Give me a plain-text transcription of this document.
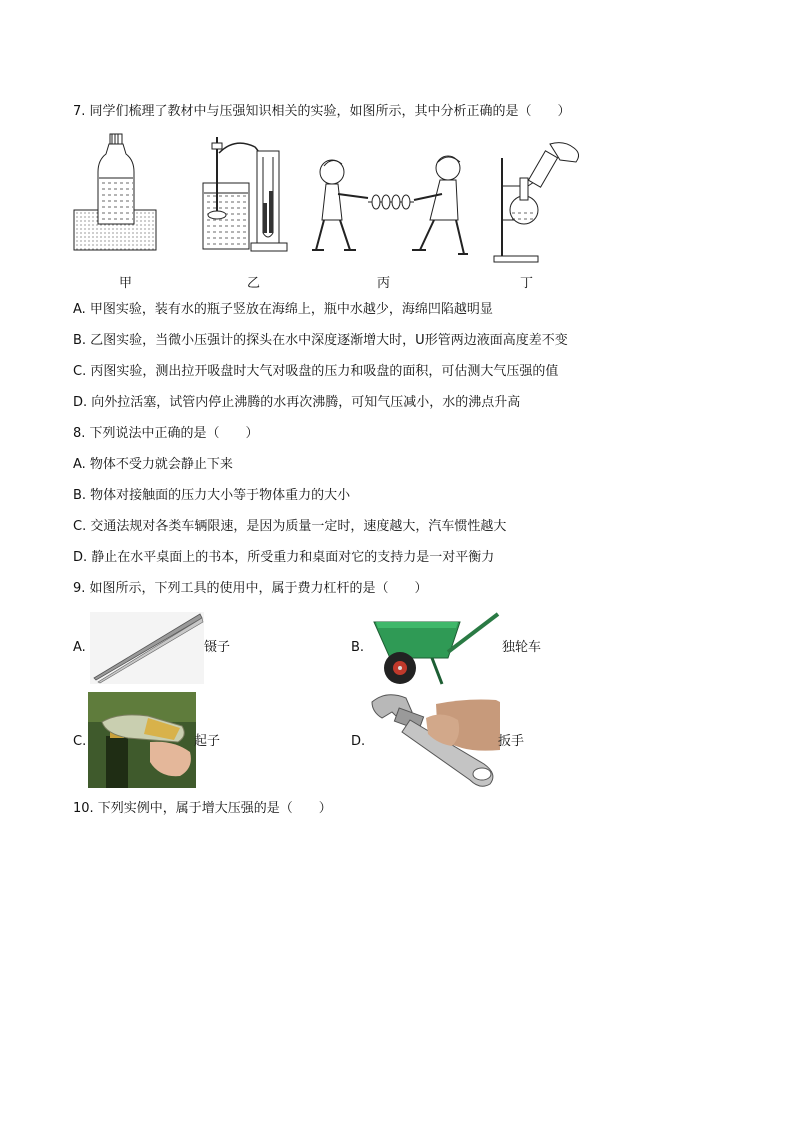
7. 同学们梳理了教材中与压强知识相关的实验，如图所示，其中分析正确的是（　　）
甲	乙	丙	丁
A. 甲图实验，装有水的瓶子竖放在海绵上，瓶中水越少，海绵凹陷越明显
B. 乙图实验，当微小压强计的探头在水中深度逐渐增大时，U形管两边液面高度差不变
C. 丙图实验，测出拉开吸盘时大气对吸盘的压力和吸盘的面积，可估测大气压强的值
D. 向外拉活塞，试管内停止沸腾的水再次沸腾，可知气压减小，水的沸点升高
8. 下列说法中正确的是（　　）
A. 物体不受力就会静止下来
B. 物体对接触面的压力大小等于物体重力的大小
C. 交通法规对各类车辆限速，是因为质量一定时，速度越大，汽车惯性越大
D. 静止在水平桌面上的书本，所受重力和桌面对它的支持力是一对平衡力
9. 如图所示，下列工具的使用中，属于费力杠杆的是（　　）
A.	镊子	B.	独轮车
C.	起子	D.	扳手
10. 下列实例中，属于增大压强的是（　　）
